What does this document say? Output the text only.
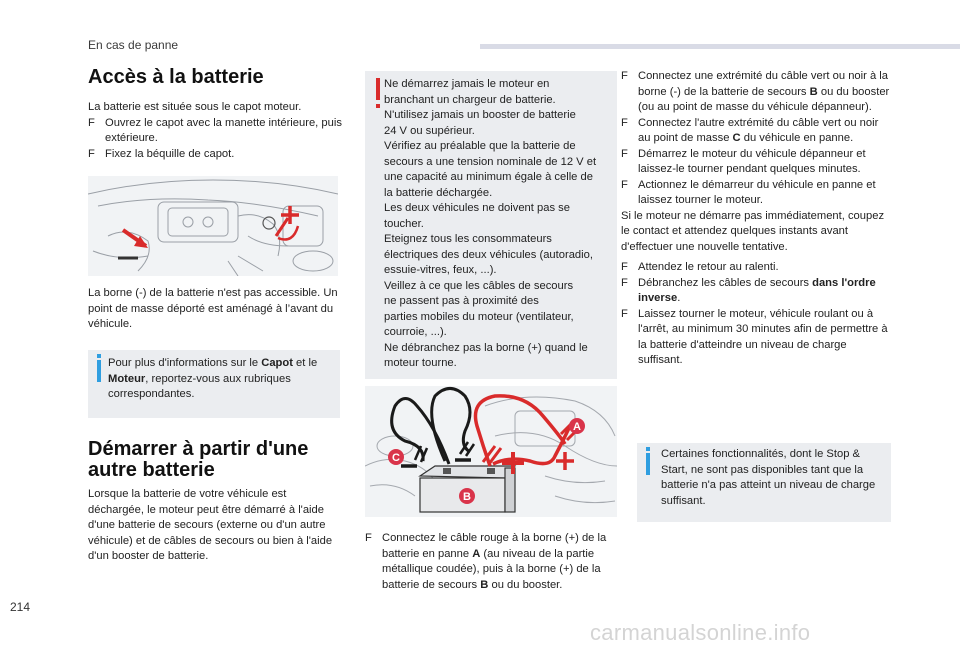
En cas de panne
Accès à la batterie
La batterie est située sous le capot moteur.
F Ouvrez le capot avec la manette intérieure, puis extérieure.
F Fixez la béquille de capot.
La borne (-) de la batterie n'est pas accessible. Un point de masse déporté est aménagé à l’avant du véhicule.
Pour plus d'informations sur le Capot et le Moteur, reportez-vous aux rubriques correspondantes.
Démarrer à partir d'une autre batterie
Lorsque la batterie de votre véhicule est déchargée, le moteur peut être démarré à l'aide d'une batterie de secours (externe ou d'un autre véhicule) et de câbles de secours ou bien à l'aide d'un booster de batterie.
Ne démarrez jamais le moteur en
branchant un chargeur de batterie.
N'utilisez jamais un booster de batterie
24 V ou supérieur.
Vérifiez au préalable que la batterie de
secours a une tension nominale de 12 V et
une capacité au minimum égale à celle de
la batterie déchargée.
Les deux véhicules ne doivent pas se
toucher.
Eteignez tous les consommateurs
électriques des deux véhicules (autoradio,
essuie-vitres, feux, ...).
Veillez à ce que les câbles de secours
ne passent pas à proximité des
parties mobiles du moteur (ventilateur,
courroie, ...).
Ne débranchez pas la borne (+) quand le
moteur tourne.
A
B
C
F Connectez le câble rouge à la borne (+) de la batterie en panne A (au niveau de la partie métallique coudée), puis à la borne (+) de la batterie de secours B ou du booster.
F Connectez une extrémité du câble vert ou noir à la borne (-) de la batterie de secours B ou du booster (ou au point de masse du véhicule dépanneur).
F Connectez l'autre extrémité du câble vert ou noir au point de masse C du véhicule en panne.
F Démarrez le moteur du véhicule dépanneur et laissez-le tourner pendant quelques minutes.
F Actionnez le démarreur du véhicule en panne et laissez tourner le moteur.
Si le moteur ne démarre pas immédiatement, coupez le contact et attendez quelques instants avant d'effectuer une nouvelle tentative.
F Attendez le retour au ralenti.
F Débranchez les câbles de secours dans l'ordre inverse.
F Laissez tourner le moteur, véhicule roulant ou à l'arrêt, au minimum 30 minutes afin de permettre à la batterie d'atteindre un niveau de charge suffisant.
Certaines fonctionnalités, dont le Stop & Start, ne sont pas disponibles tant que la batterie n'a pas atteint un niveau de charge suffisant.
214
carmanualsonline.info
